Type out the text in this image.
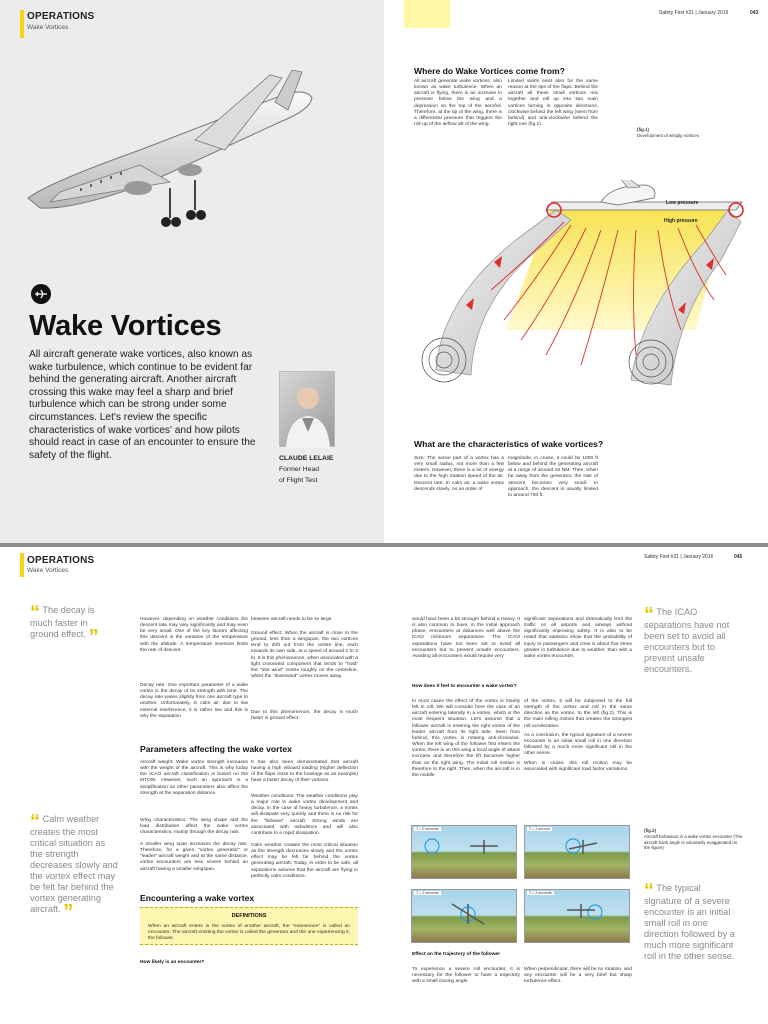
OPERATIONS
Wake Vortices
Wake Vortices
All aircraft generate wake vortices, also known as wake turbulence, which continue to be evident far behind the generating aircraft. Another aircraft crossing this wake may feel a sharp and brief turbulence which can be strong under some circumstances. Let's review the specific characteristics of wake vortices' and how pilots should react in case of an encounter to ensure the safety of the flight.	CLAUDE LELAIE
Former Head
of Flight Test
Safety First #21 | January 2016	043
Where do Wake Vortices come from?
All aircraft generate wake vortices, also known as wake turbulence. When an aircraft is flying, there is an increase in pressure below the wing and a depression on the top of the aerofoil. Therefore, at the tip of the wing, there is a differential pressure that triggers the roll-up of the airflow aft of the wing.
Limited swirls exist also for the same reason at the tips of the flaps. Behind the aircraft all these small vortices mix together and roll up into two main vortices turning in opposite directions, clockwise behind the left wing (seen from behind) and anti-clockwise behind the right one (fig.1).
(fig.1)
Development of wingtip vortices
Low pressure
High pressure
What are the characteristics of wake vortices?
Size: The active part of a vortex has a very small radius, not more than a few meters. However, there is a lot of energy due to the high rotation speed of the air. Descent rate: In calm air, a wake vortex descends slowly. As an order of
magnitude, in cruise, it could be 1000 ft below and behind the generating aircraft at a range of around 15 NM. Then, when far away from the generator, the rate of descent becomes very small. In approach, the descent is usually limited to around 700 ft.
OPERATIONS
Wake Vortices
Safety First #21 | January 2016	045
“ The decay is much faster in ground effect. ”
“ Calm weather creates the most critical situation as the strength decreases slowly and the vortex effect may be felt far behind the vortex generating aircraft. ”
“ The ICAO separations have not been set to avoid all encounters but to prevent unsafe encounters.
“ The typical signature of a severe encounter is an initial small roll in one direction followed by a much more significant roll in the other sense.
However, depending on weather conditions the descent rate may vary significantly and may even be very small. One of the key factors affecting this descent is the variation of the temperature with the altitude. A temperature inversion limits the rate of descent.
Decay rate: One important parameter of a wake vortex is the decay of its strength with time. The decay rate varies slightly from one aircraft type to another. Unfortunately, in calm air, due to low external interference, it is rather low and this is why the separation
between aircraft needs to be so large.
Ground effect: When the aircraft is close to the ground, less than a wingspan, the two vortices tend to drift out from the centre line, each towards its own side, at a speed of around 2 to 3 kt. It is this phenomenon, when associated with a light crosswind component that tends to "hold" the "into wind" vortex roughly on the centreline, whilst the "downwind" vortex moves away.
Due to this phenomenon, the decay is much faster in ground effect.
Parameters affecting the wake vortex
Aircraft weight: Wake vortex strength increases with the weight of the aircraft. This is why today the ICAO aircraft classification is based on the MTOW. However, such an approach is a simplification as other parameters also affect the strength at the separation distance.
Wing characteristics: The wing shape and the load distribution affect the wake vortex characteristics, mainly through the decay rate.
A smaller wing span increases the decay rate. Therefore, for a given "vortex generator" or "leader" aircraft weight and at the same distance, vortex encounters are less severe behind an aircraft having a smaller wingspan.
It has also been demonstrated that aircraft having a high inboard loading (higher deflection of the flaps close to the fuselage as an example) have a faster decay of their vortices.
Weather conditions: The weather conditions play a major role in wake vortex development and decay. In the case of heavy turbulence, a vortex will dissipate very quickly and there is no risk for the "follower" aircraft. Strong winds are associated with turbulence and will also contribute to a rapid dissipation.
Calm weather creates the most critical situation as the strength decreases slowly and the vortex effect may be felt far behind the vortex generating aircraft. Today, in order to be safe, all separations assume that the aircraft are flying in perfectly calm conditions.
Encountering a wake vortex
DEFINITIONS
When an aircraft enters in the vortex of another aircraft, the "manoeuvre" is called an encounter. The aircraft emitting the vortex is called the generator and the one experiencing it, the follower.
How likely is an encounter?
would have been a bit stronger behind a Heavy. It is also common to have, in the initial approach phase, encounters at distances well above the ICAO minimum separations. The ICAO separations have not been set to avoid all encounters but to prevent unsafe encounters. Avoiding all encounters would require very
significant separations and dramatically limit the traffic on all airports and airways without significantly improving safety. It is also to be noted that statistics show that the probability of injury to passengers and crew is about five times greater in turbulence due to weather, than with a wake vortex encounter.
How does it feel to encounter a wake vortex?
In most cases the effect of the vortex is mainly felt in roll. We will consider here the case of an aircraft entering laterally in a vortex, which is the most frequent situation. Let's assume that a follower aircraft is entering the right vortex of the leader aircraft from its right side. Seen from behind, this vortex is rotating anti-clockwise. When the left wing of the follower first enters the vortex, there is on this wing a local angle of attack increase and therefore the lift becomes higher than on the right wing. The initial roll motion is therefore to the right. Then, when the aircraft is in the middle
of the vortex, it will be subjected to the full strength of the vortex and roll in the same direction as the vortex, to the left (fig.2). This is the main rolling motion that creates the strongest roll acceleration.
As a conclusion, the typical signature of a severe encounter is an initial small roll in one direction followed by a much more significant roll in the other sense.
When in cruise, this roll motion may be associated with significant load factor variations.
(fig.2)
Aircraft behaviour in a wake vortex encounter (The aircraft bank angle is voluntarily exaggerated on the figure)
T = 0 seconds	T = 1 second
T = 2 seconds	T = 3 seconds
Effect on the trajectory of the follower
To experience a severe roll encounter, it is necessary for the follower to have a trajectory with a small closing angle
When perpendicular, there will be no rotation, and any encounter will be a very brief but sharp turbulence effect.
